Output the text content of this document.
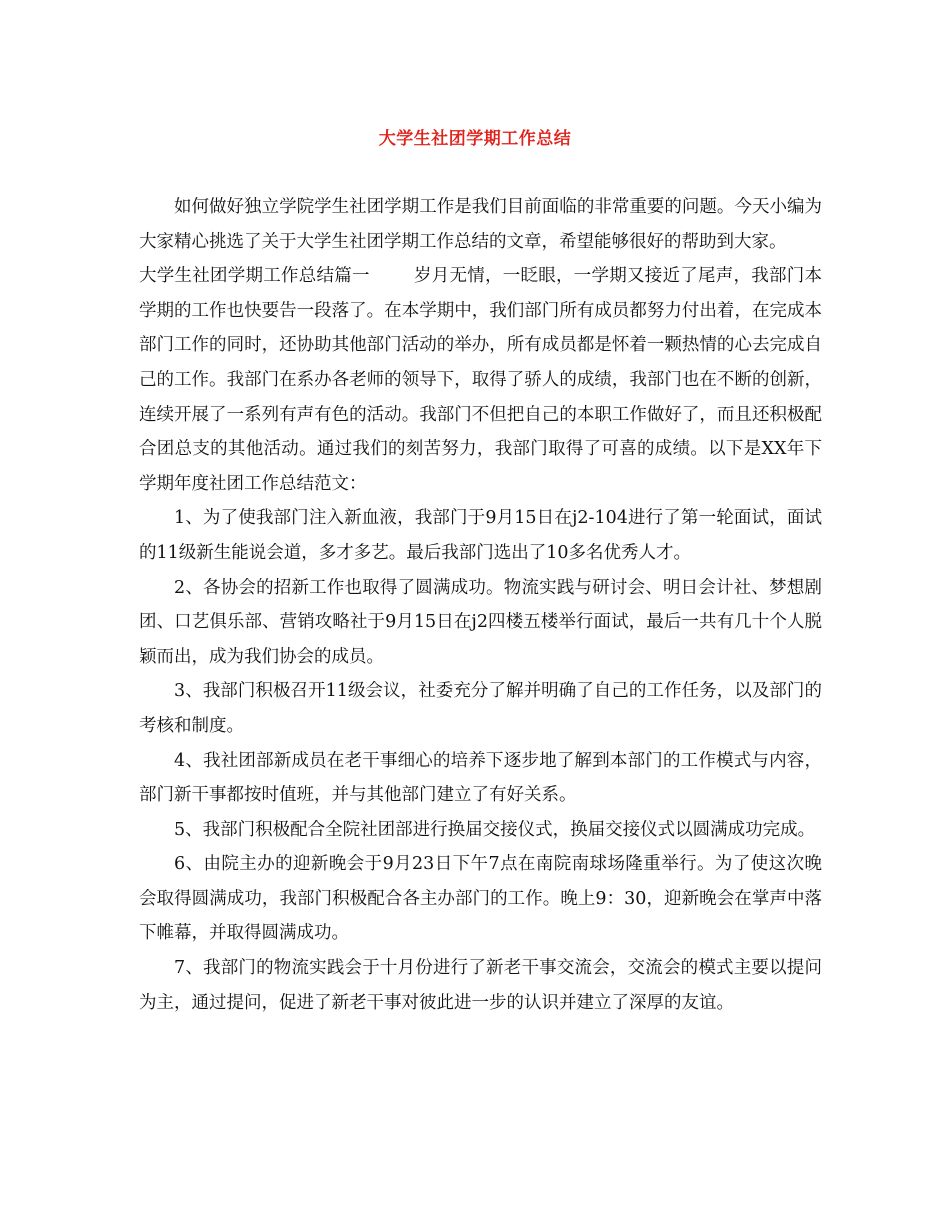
大学生社团学期工作总结

如何做好独立学院学生社团学期工作是我们目前面临的非常重要的问题。今天小编为大家精心挑选了关于大学生社团学期工作总结的文章，希望能够很好的帮助到大家。

大学生社团学期工作总结篇一	岁月无情，一眨眼，一学期又接近了尾声，我部门本学期的工作也快要告一段落了。在本学期中，我们部门所有成员都努力付出着，在完成本部门工作的同时，还协助其他部门活动的举办，所有成员都是怀着一颗热情的心去完成自己的工作。我部门在系办各老师的领导下，取得了骄人的成绩，我部门也在不断的创新，连续开展了一系列有声有色的活动。我部门不但把自己的本职工作做好了，而且还积极配合团总支的其他活动。通过我们的刻苦努力，我部门取得了可喜的成绩。以下是XX年下学期年度社团工作总结范文：

1、为了使我部门注入新血液，我部门于9月15日在j2-104进行了第一轮面试，面试的11级新生能说会道，多才多艺。最后我部门选出了10多名优秀人才。

2、各协会的招新工作也取得了圆满成功。物流实践与研讨会、明日会计社、梦想剧团、口艺俱乐部、营销攻略社于9月15日在j2四楼五楼举行面试，最后一共有几十个人脱颖而出，成为我们协会的成员。

3、我部门积极召开11级会议，社委充分了解并明确了自己的工作任务，以及部门的考核和制度。

4、我社团部新成员在老干事细心的培养下逐步地了解到本部门的工作模式与内容，部门新干事都按时值班，并与其他部门建立了有好关系。

5、我部门积极配合全院社团部进行换届交接仪式，换届交接仪式以圆满成功完成。

6、由院主办的迎新晚会于9月23日下午7点在南院南球场隆重举行。为了使这次晚会取得圆满成功，我部门积极配合各主办部门的工作。晚上9：30，迎新晚会在掌声中落下帷幕，并取得圆满成功。

7、我部门的物流实践会于十月份进行了新老干事交流会，交流会的模式主要以提问为主，通过提问，促进了新老干事对彼此进一步的认识并建立了深厚的友谊。
